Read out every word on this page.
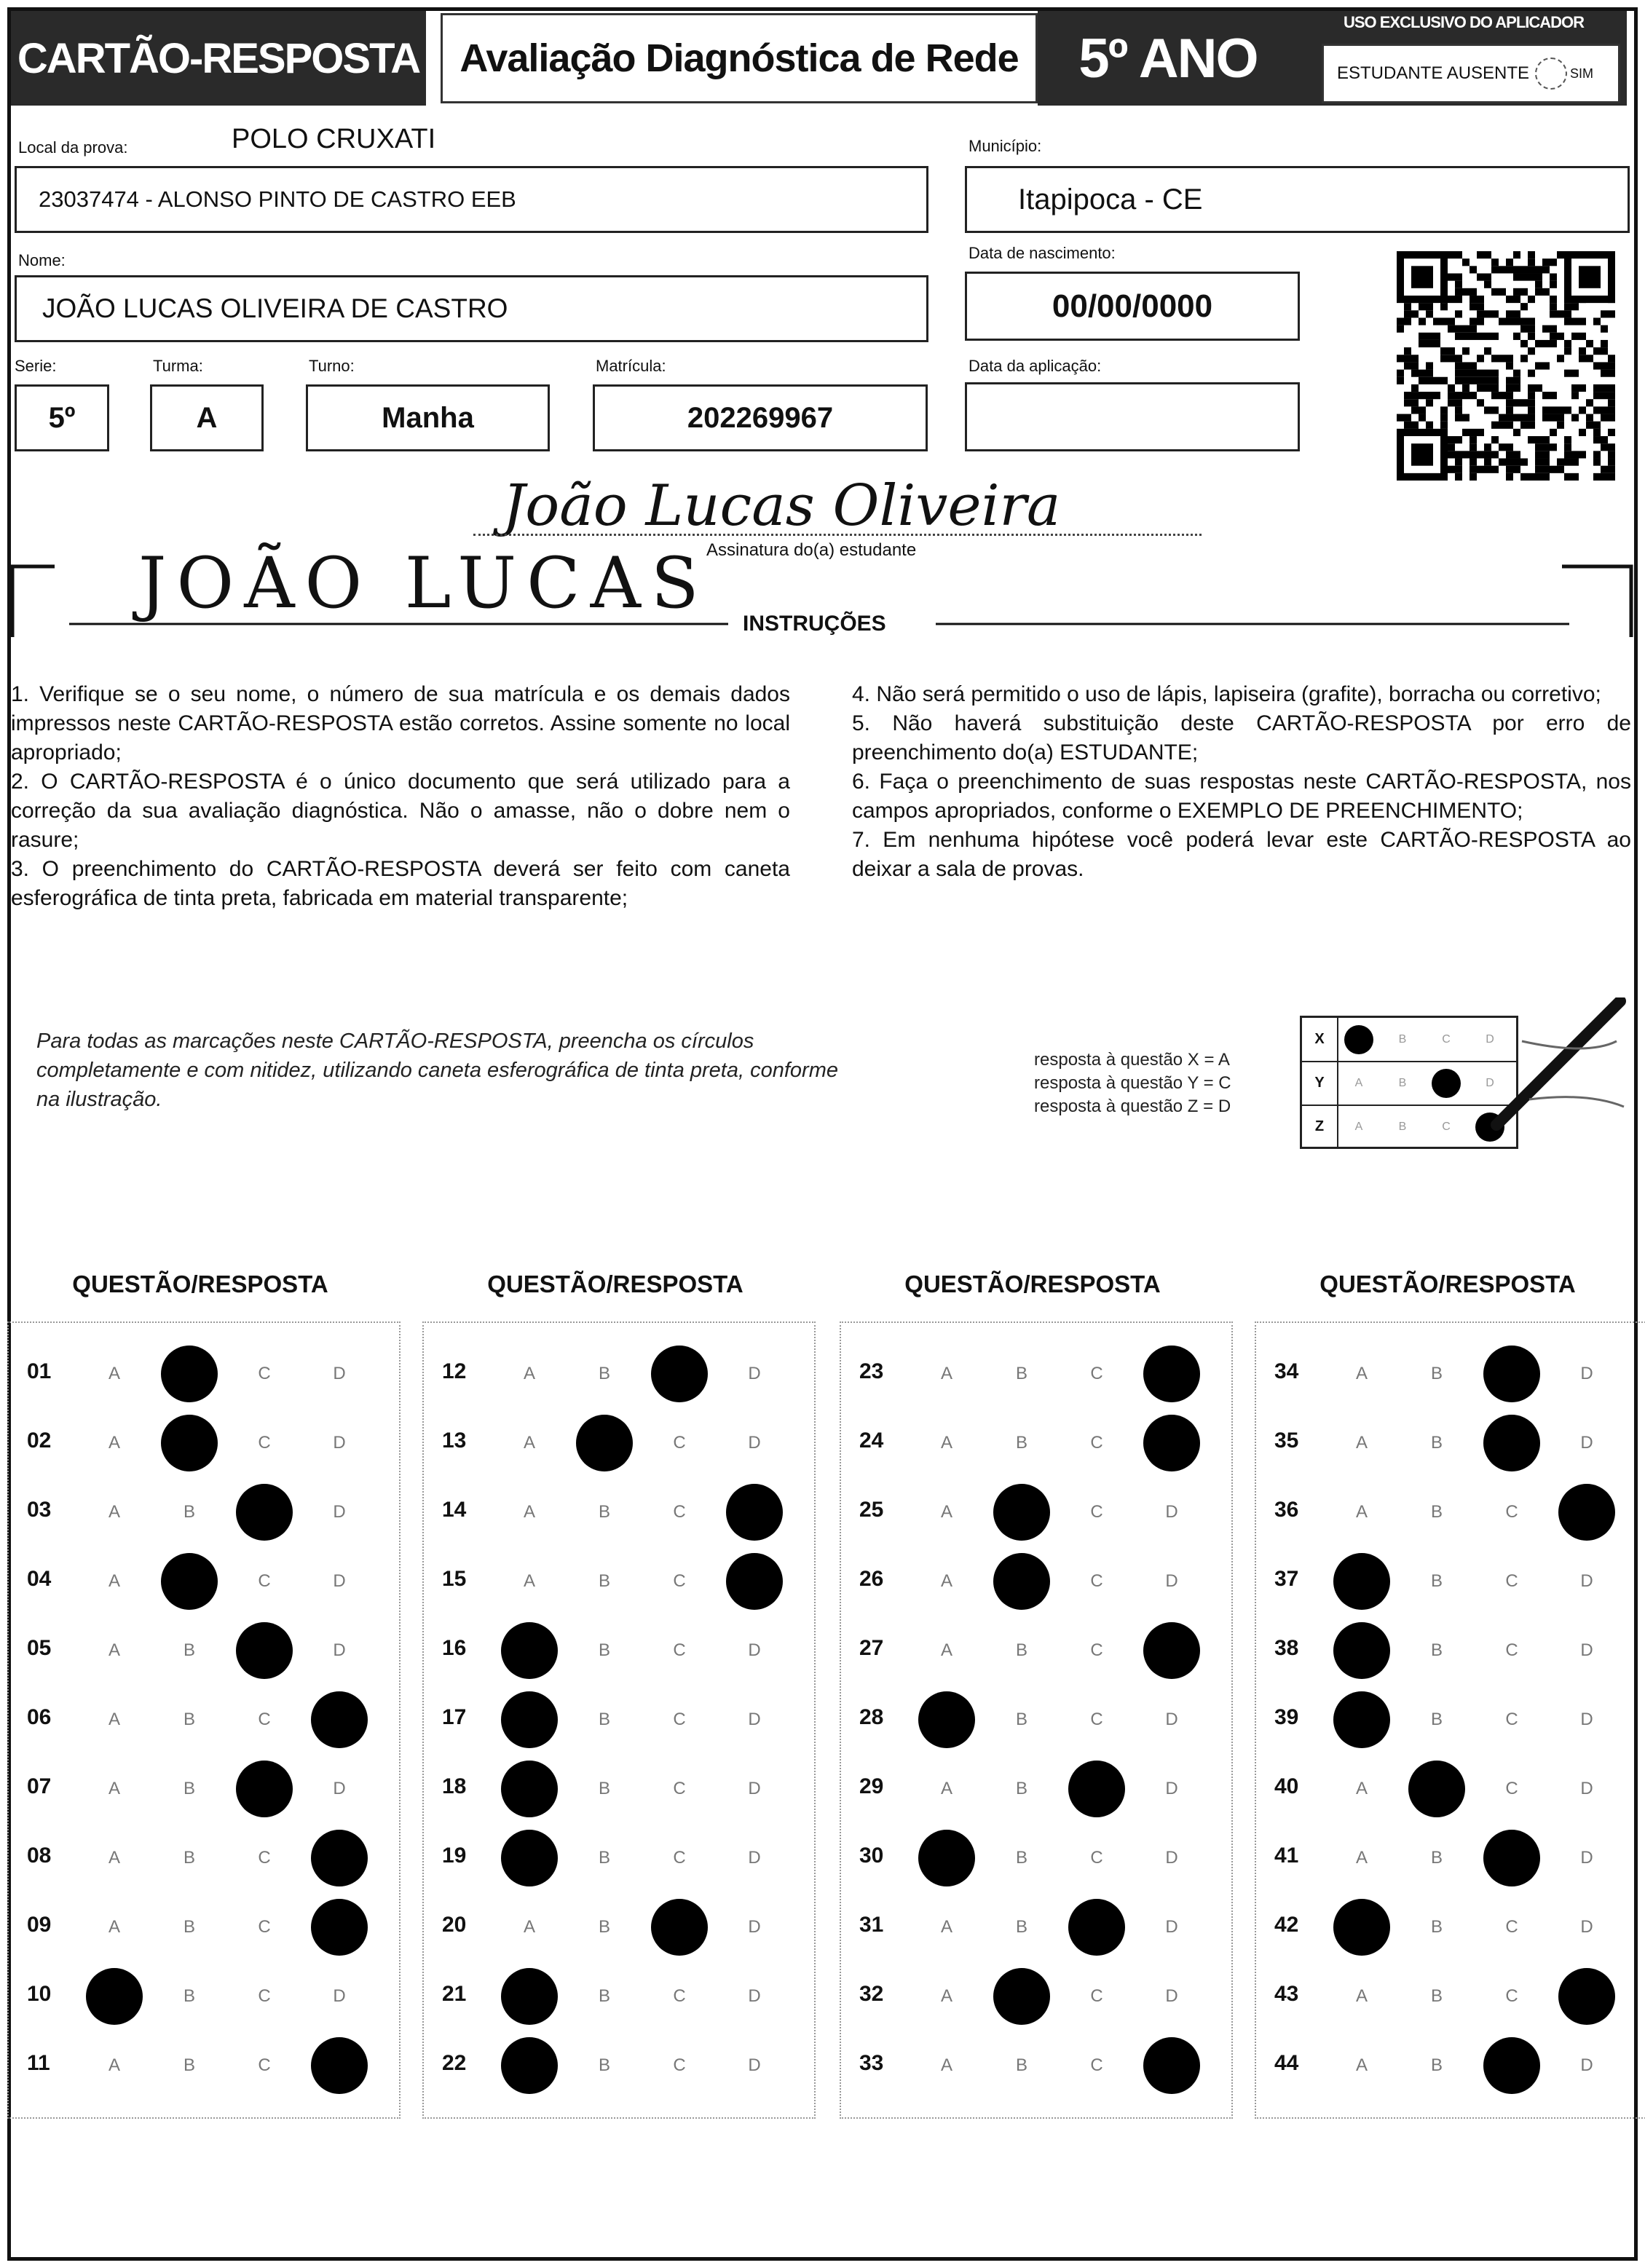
CARTÃO-RESPOSTA	Avaliação Diagnóstica de Rede	5º ANO
USO EXCLUSIVO DO APLICADOR
ESTUDANTE AUSENTE	SIM
Local da prova:	POLO CRUXATI
23037474 - ALONSO PINTO DE CASTRO EEB
Município:
Itapipoca - CE
Nome:
JOÃO LUCAS OLIVEIRA DE CASTRO
Data de nascimento:
00/00/0000
Serie:
5º
Turma:
A
Turno:
Manha
Matrícula:
202269967
Data da aplicação:
João Lucas Oliveira
Assinatura do(a) estudante
JOÃO LUCAS INSTRUÇÕES

1. Verifique se o seu nome, o número de sua matrícula e os demais dados impressos neste CARTÃO-RESPOSTA estão corretos. Assine somente no local apropriado;

2. O CARTÃO-RESPOSTA é o único documento que será utilizado para a correção da sua avaliação diagnóstica. Não o amasse, não o dobre nem o rasure;

3. O preenchimento do CARTÃO-RESPOSTA deverá ser feito com caneta esferográfica de tinta preta, fabricada em material transparente;

4. Não será permitido o uso de lápis, lapiseira (grafite), borracha ou corretivo;

5. Não haverá substituição deste CARTÃO-RESPOSTA por erro de preenchimento do(a) ESTUDANTE;

6. Faça o preenchimento de suas respostas neste CARTÃO-RESPOSTA, nos campos apropriados, conforme o EXEMPLO DE PREENCHIMENTO;

7. Em nenhuma hipótese você poderá levar este CARTÃO-RESPOSTA ao deixar a sala de provas.

Para todas as marcações neste CARTÃO-RESPOSTA, preencha os círculos completamente e com nitidez, utilizando caneta esferográfica de tinta preta, conforme na ilustração.
resposta à questão X = A
resposta à questão Y = C
resposta à questão Z = D
X	A	B	C	D
Y	A	B	C	D
Z	A	B	C	D
QUESTÃO/RESPOSTA
01	A	B	C	D
02	A	B	C	D
03	A	B	C	D
04	A	B	C	D
05	A	B	C	D
06	A	B	C	D
07	A	B	C	D
08	A	B	C	D
09	A	B	C	D
10	A	B	C	D
11	A	B	C	D
QUESTÃO/RESPOSTA
12	A	B	C	D
13	A	B	C	D
14	A	B	C	D
15	A	B	C	D
16	A	B	C	D
17	A	B	C	D
18	A	B	C	D
19	A	B	C	D
20	A	B	C	D
21	A	B	C	D
22	A	B	C	D
QUESTÃO/RESPOSTA
23	A	B	C	D
24	A	B	C	D
25	A	B	C	D
26	A	B	C	D
27	A	B	C	D
28	A	B	C	D
29	A	B	C	D
30	A	B	C	D
31	A	B	C	D
32	A	B	C	D
33	A	B	C	D
QUESTÃO/RESPOSTA
34	A	B	C	D
35	A	B	C	D
36	A	B	C	D
37	A	B	C	D
38	A	B	C	D
39	A	B	C	D
40	A	B	C	D
41	A	B	C	D
42	A	B	C	D
43	A	B	C	D
44	A	B	C	D
